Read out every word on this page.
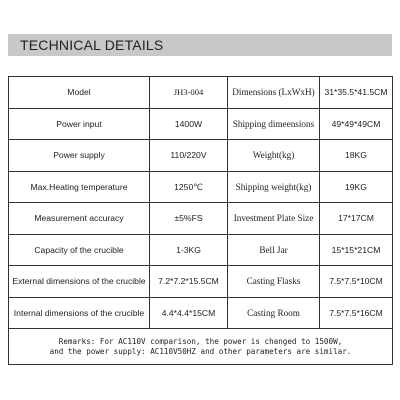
TECHNICAL DETAILS
Model	JH3-004	Dimensions (LxWxH)	31*35.5*41.5CM
Power input	1400W	Shipping dimeensions	49*49*49CM
Power supply	110/220V	Weight(kg)	18KG
Max.Heating temperature	1250℃	Shipping weight(kg)	19KG
Measurement accuracy	±5%FS	Investment Plate Size	17*17CM
Capacity of the crucible	1-3KG	Bell Jar	15*15*21CM
External dimensions of the crucible	7.2*7.2*15.5CM	Casting Flasks	7.5*7.5*10CM
Internal dimensions of the crucible	4.4*4.4*15CM	Casting Room	7.5*7.5*16CM

Remarks: For AC110V comparison, the power is changed to 1500W,
and the power supply: AC110V50HZ and other parameters are similar.			
